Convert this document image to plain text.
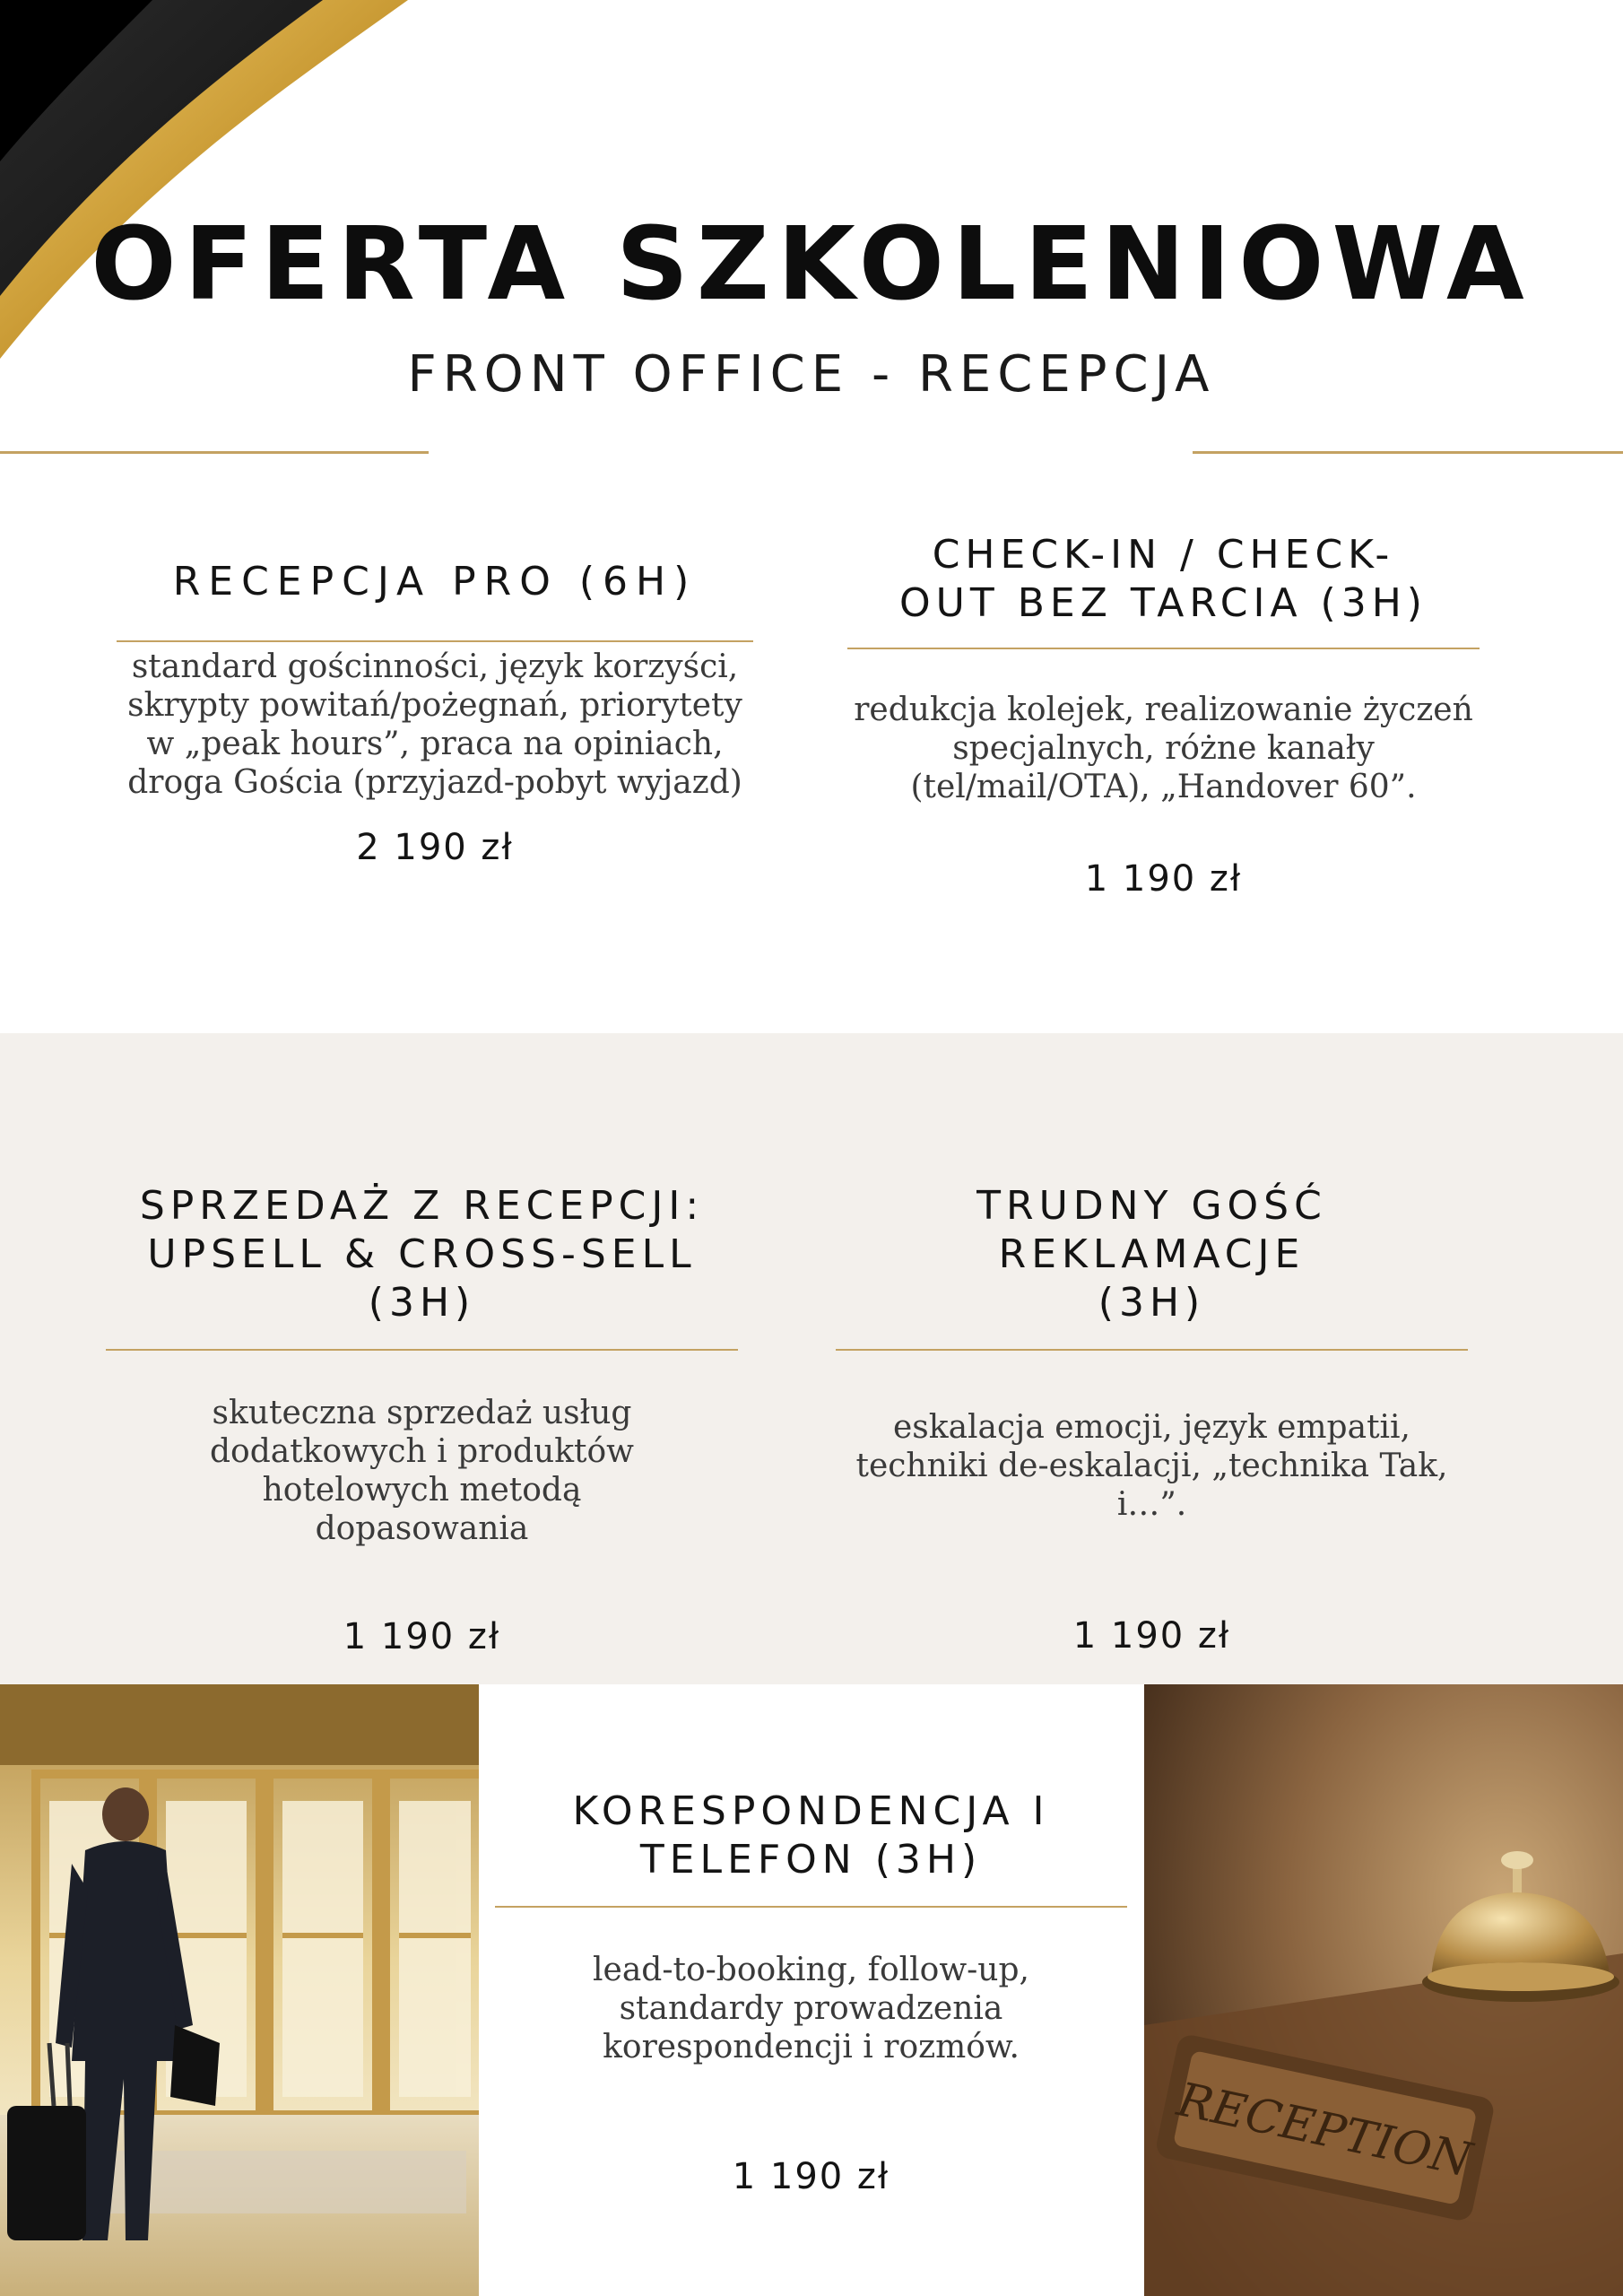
OFERTA SZKOLENIOWA
FRONT OFFICE - RECEPCJA
RECEPCJA PRO (6H)
standard gościnności, język korzyści, skrypty powitań/pożegnań, priorytety w „peak hours”, praca na opiniach, droga Gościa (przyjazd-pobyt wyjazd)
2 190 zł
CHECK-IN / CHECK-OUT BEZ TARCIA (3H)
redukcja kolejek, realizowanie życzeń specjalnych, różne kanały (tel/mail/OTA), „Handover 60”.
1 190 zł
SPRZEDAŻ Z RECEPCJI: UPSELL & CROSS-SELL (3H)
skuteczna sprzedaż usług dodatkowych i produktów hotelowych metodą dopasowania
1 190 zł
TRUDNY GOŚĆ REKLAMACJE (3H)
eskalacja emocji, język empatii, techniki de-eskalacji, „technika Tak, i…”.
1 190 zł
KORESPONDENCJA I TELEFON (3H)
lead-to-booking, follow-up, standardy prowadzenia korespondencji i rozmów.
1 190 zł	RECEPTION
